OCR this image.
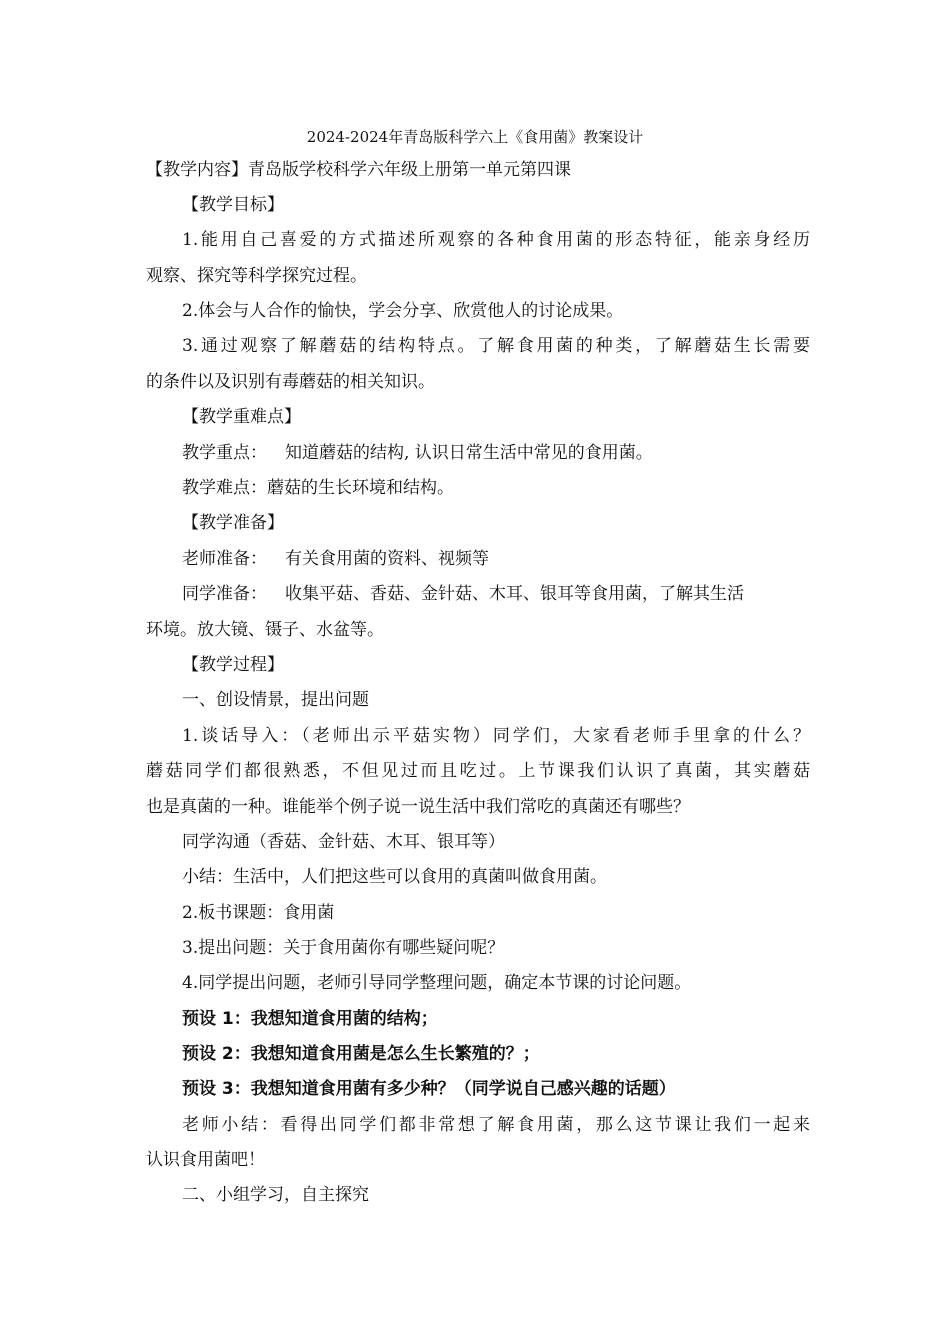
2024-2024年青岛版科学六上《食用菌》教案设计
【教学内容】青岛版学校科学六年级上册第一单元第四课
【教学目标】
1.能用自己喜爱的方式描述所观察的各种食用菌的形态特征，能亲身经历
观察、探究等科学探究过程。
2.体会与人合作的愉快，学会分享、欣赏他人的讨论成果。
3.通过观察了解蘑菇的结构特点。了解食用菌的种类，了解蘑菇生长需要
的条件以及识别有毒蘑菇的相关知识。
【教学重难点】
教学重点： 知道蘑菇的结构, 认识日常生活中常见的食用菌。
教学难点：蘑菇的生长环境和结构。
【教学准备】
老师准备： 有关食用菌的资料、视频等
同学准备： 收集平菇、香菇、金针菇、木耳、银耳等食用菌，了解其生活
环境。放大镜、镊子、水盆等。
【教学过程】
一、创设情景，提出问题
1.谈话导入：（老师出示平菇实物）同学们，大家看老师手里拿的什么？
蘑菇同学们都很熟悉，不但见过而且吃过。上节课我们认识了真菌，其实蘑菇
也是真菌的一种。谁能举个例子说一说生活中我们常吃的真菌还有哪些？
同学沟通（香菇、金针菇、木耳、银耳等）
小结：生活中，人们把这些可以食用的真菌叫做食用菌。
2.板书课题：食用菌
3.提出问题：关于食用菌你有哪些疑问呢？
4.同学提出问题，老师引导同学整理问题，确定本节课的讨论问题。
预设 1：我想知道食用菌的结构；
预设 2：我想知道食用菌是怎么生长繁殖的？；
预设 3：我想知道食用菌有多少种？（同学说自己感兴趣的话题）
老师小结：看得出同学们都非常想了解食用菌，那么这节课让我们一起来
认识食用菌吧！
二、小组学习，自主探究
